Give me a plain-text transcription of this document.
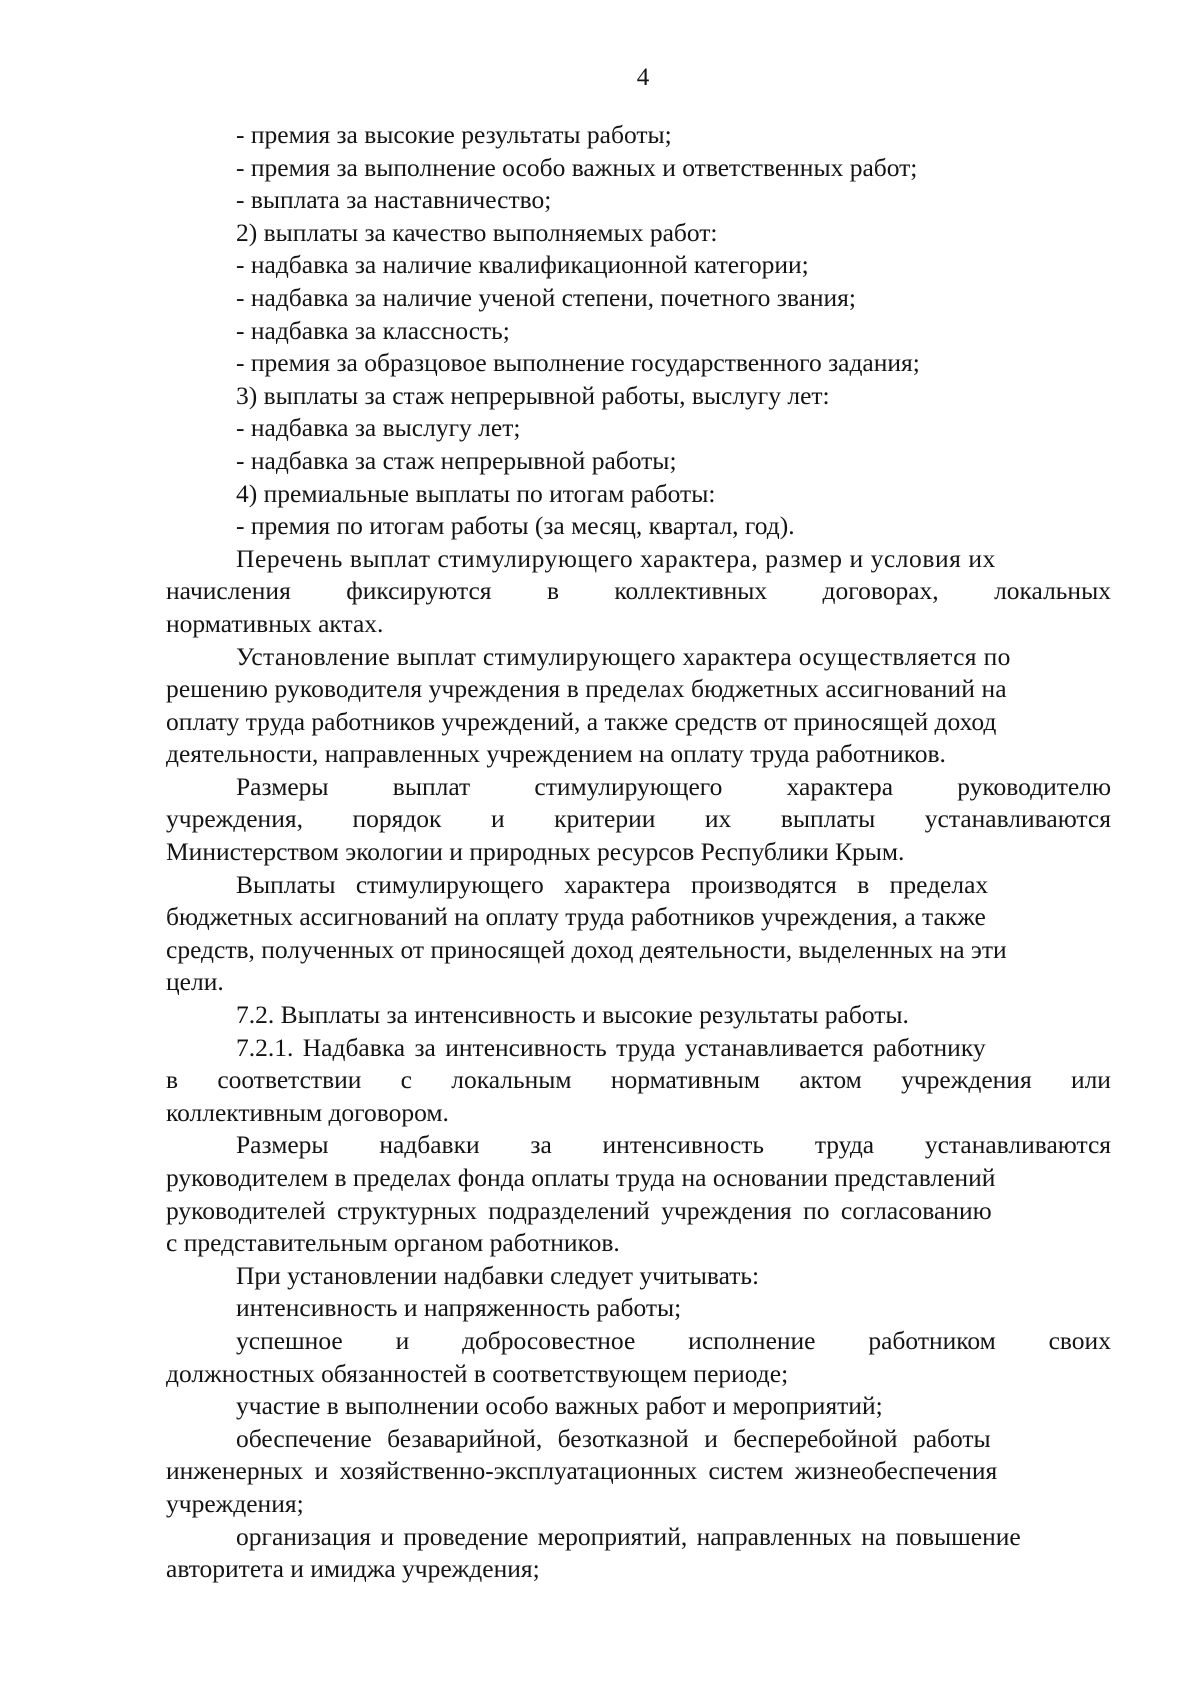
4
- премия за высокие результаты работы;
- премия за выполнение особо важных и ответственных работ;
- выплата за наставничество;
2) выплаты за качество выполняемых работ:
- надбавка за наличие квалификационной категории;
- надбавка за наличие ученой степени, почетного звания;
- надбавка за классность;
- премия за образцовое выполнение государственного задания;
3) выплаты за стаж непрерывной работы, выслугу лет:
- надбавка за выслугу лет;
- надбавка за стаж непрерывной работы;
4) премиальные выплаты по итогам работы:
- премия по итогам работы (за месяц, квартал, год).
Перечень выплат стимулирующего характера, размер и условия их
начисления фиксируются в коллективных договорах, локальных
нормативных актах.
Установление выплат стимулирующего характера осуществляется по
решению руководителя учреждения в пределах бюджетных ассигнований на
оплату труда работников учреждений, а также средств от приносящей доход
деятельности, направленных учреждением на оплату труда работников.
Размеры	выплат	стимулирующего	характера	руководителю
учреждения, порядок и критерии их выплаты устанавливаются
Министерством экологии и природных ресурсов Республики Крым.
Выплаты стимулирующего характера производятся в пределах
бюджетных ассигнований на оплату труда работников учреждения, а также
средств, полученных от приносящей доход деятельности, выделенных на эти
цели.
7.2. Выплаты за интенсивность и высокие результаты работы.
7.2.1. Надбавка за интенсивность труда устанавливается работнику
в соответствии с локальным нормативным актом учреждения или
коллективным договором.
Размеры надбавки за интенсивность труда устанавливаются
руководителем в пределах фонда оплаты труда на основании представлений
руководителей структурных подразделений учреждения по согласованию
с представительным органом работников.
При установлении надбавки следует учитывать:
интенсивность и напряженность работы;
успешное и добросовестное исполнение работником своих
должностных обязанностей в соответствующем периоде;
участие в выполнении особо важных работ и мероприятий;
обеспечение безаварийной, безотказной и бесперебойной работы
инженерных и хозяйственно-эксплуатационных систем жизнеобеспечения
учреждения;
организация и проведение мероприятий, направленных на повышение
авторитета и имиджа учреждения;
